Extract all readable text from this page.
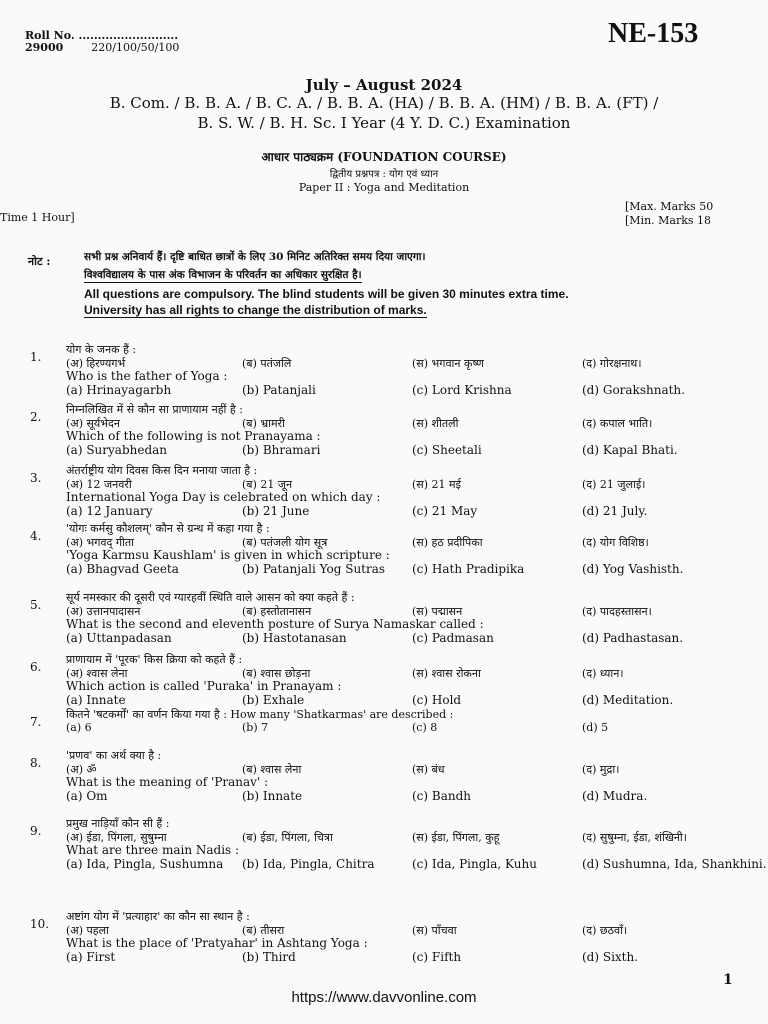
Roll No. ..........................
29000	220/100/50/100	NE-153
July – August 2024
B. Com. / B. B. A. / B. C. A. / B. B. A. (HA) / B. B. A. (HM) / B. B. A. (FT) /
B. S. W. / B. H. Sc. I Year (4 Y. D. C.) Examination
आधार पाठ्यक्रम (FOUNDATION COURSE)
द्वितीय प्रश्नपत्र : योग एवं ध्यान
Paper II : Yoga and Meditation
Time 1 Hour]
[Max. Marks 50
[Min. Marks 18
नोट :	सभी प्रश्न अनिवार्य हैं। दृष्टि बाधित छात्रों के लिए 30 मिनिट अतिरिक्त समय दिया जाएगा।
विश्वविद्यालय के पास अंक विभाजन के परिवर्तन का अधिकार सुरक्षित है।
All questions are compulsory. The blind students will be given 30 minutes extra time.
University has all rights to change the distribution of marks.
1.
योग के जनक हैं :
(अ) हिरण्यगर्भ	(ब) पतंजलि	(स) भगवान कृष्ण	(द) गोरक्षनाथ।
Who is the father of Yoga :
(a) Hrinayagarbh	(b) Patanjali	(c) Lord Krishna	(d) Gorakshnath.
2.
निम्नलिखित में से कौन सा प्राणायाम नहीं है :
(अ) सूर्यभेदन	(ब) भ्रामरी	(स) शीतली	(द) कपाल भाति।
Which of the following is not Pranayama :
(a) Suryabhedan	(b) Bhramari	(c) Sheetali	(d) Kapal Bhati.
3.
अंतर्राष्ट्रीय योग दिवस किस दिन मनाया जाता है :
(अ) 12 जनवरी	(ब) 21 जून	(स) 21 मई	(द) 21 जुलाई।
International Yoga Day is celebrated on which day :
(a) 12 January	(b) 21 June	(c) 21 May	(d) 21 July.
4.
'योगः कर्मसु कौशलम्' कौन से ग्रन्थ में कहा गया है :
(अ) भगवद् गीता	(ब) पतंजली योग सूत्र	(स) हठ प्रदीपिका	(द) योग विशिष्ठ।
'Yoga Karmsu Kaushlam' is given in which scripture :
(a) Bhagvad Geeta	(b) Patanjali Yog Sutras (c) Hath Pradipika	(d) Yog Vashisth.
5.
सूर्य नमस्कार की दूसरी एवं ग्यारहवीं स्थिति वाले आसन को क्या कहते हैं :
(अ) उत्तानपादासन	(ब) हस्तोतानासन	(स) पद्मासन	(द) पादहस्तासन।
What is the second and eleventh posture of Surya Namaskar called :
(a) Uttanpadasan	(b) Hastotanasan	(c) Padmasan	(d) Padhastasan.
6.
प्राणायाम में 'पूरक' किस क्रिया को कहते हैं :
(अ) श्वास लेना	(ब) श्वास छोड़ना	(स) श्वास रोकना	(द) ध्यान।
Which action is called 'Puraka' in Pranayam :
(a) Innate	(b) Exhale	(c) Hold	(d) Meditation.
7.
कितने 'षटकर्मों' का वर्णन किया गया है : How many 'Shatkarmas' are described :
(a) 6	(b) 7	(c) 8	(d) 5
8.
'प्रणव' का अर्थ क्या है :
(अ) ॐ	(ब) श्वास लेना	(स) बंध	(द) मुद्रा।
What is the meaning of 'Pranav' :
(a) Om	(b) Innate	(c) Bandh	(d) Mudra.
9.
प्रमुख नाड़ियाँ कौन सी हैं :
(अ) ईडा, पिंगला, सुषुम्ना	(ब) ईडा, पिंगला, चित्रा	(स) ईडा, पिंगला, कुहू	(द) सुषुम्ना, ईडा, शंखिनी।
What are three main Nadis :
(a) Ida, Pingla, Sushumna (b) Ida, Pingla, Chitra	(c) Ida, Pingla, Kuhu	(d) Sushumna, Ida, Shankhini.
10.
अष्टांग योग में 'प्रत्याहार' का कौन सा स्थान है :
(अ) पहला	(ब) तीसरा	(स) पाँचवा	(द) छठवाँ।
What is the place of 'Pratyahar' in Ashtang Yoga :
(a) First	(b) Third	(c) Fifth	(d) Sixth.
https://www.davvonline.com
1
